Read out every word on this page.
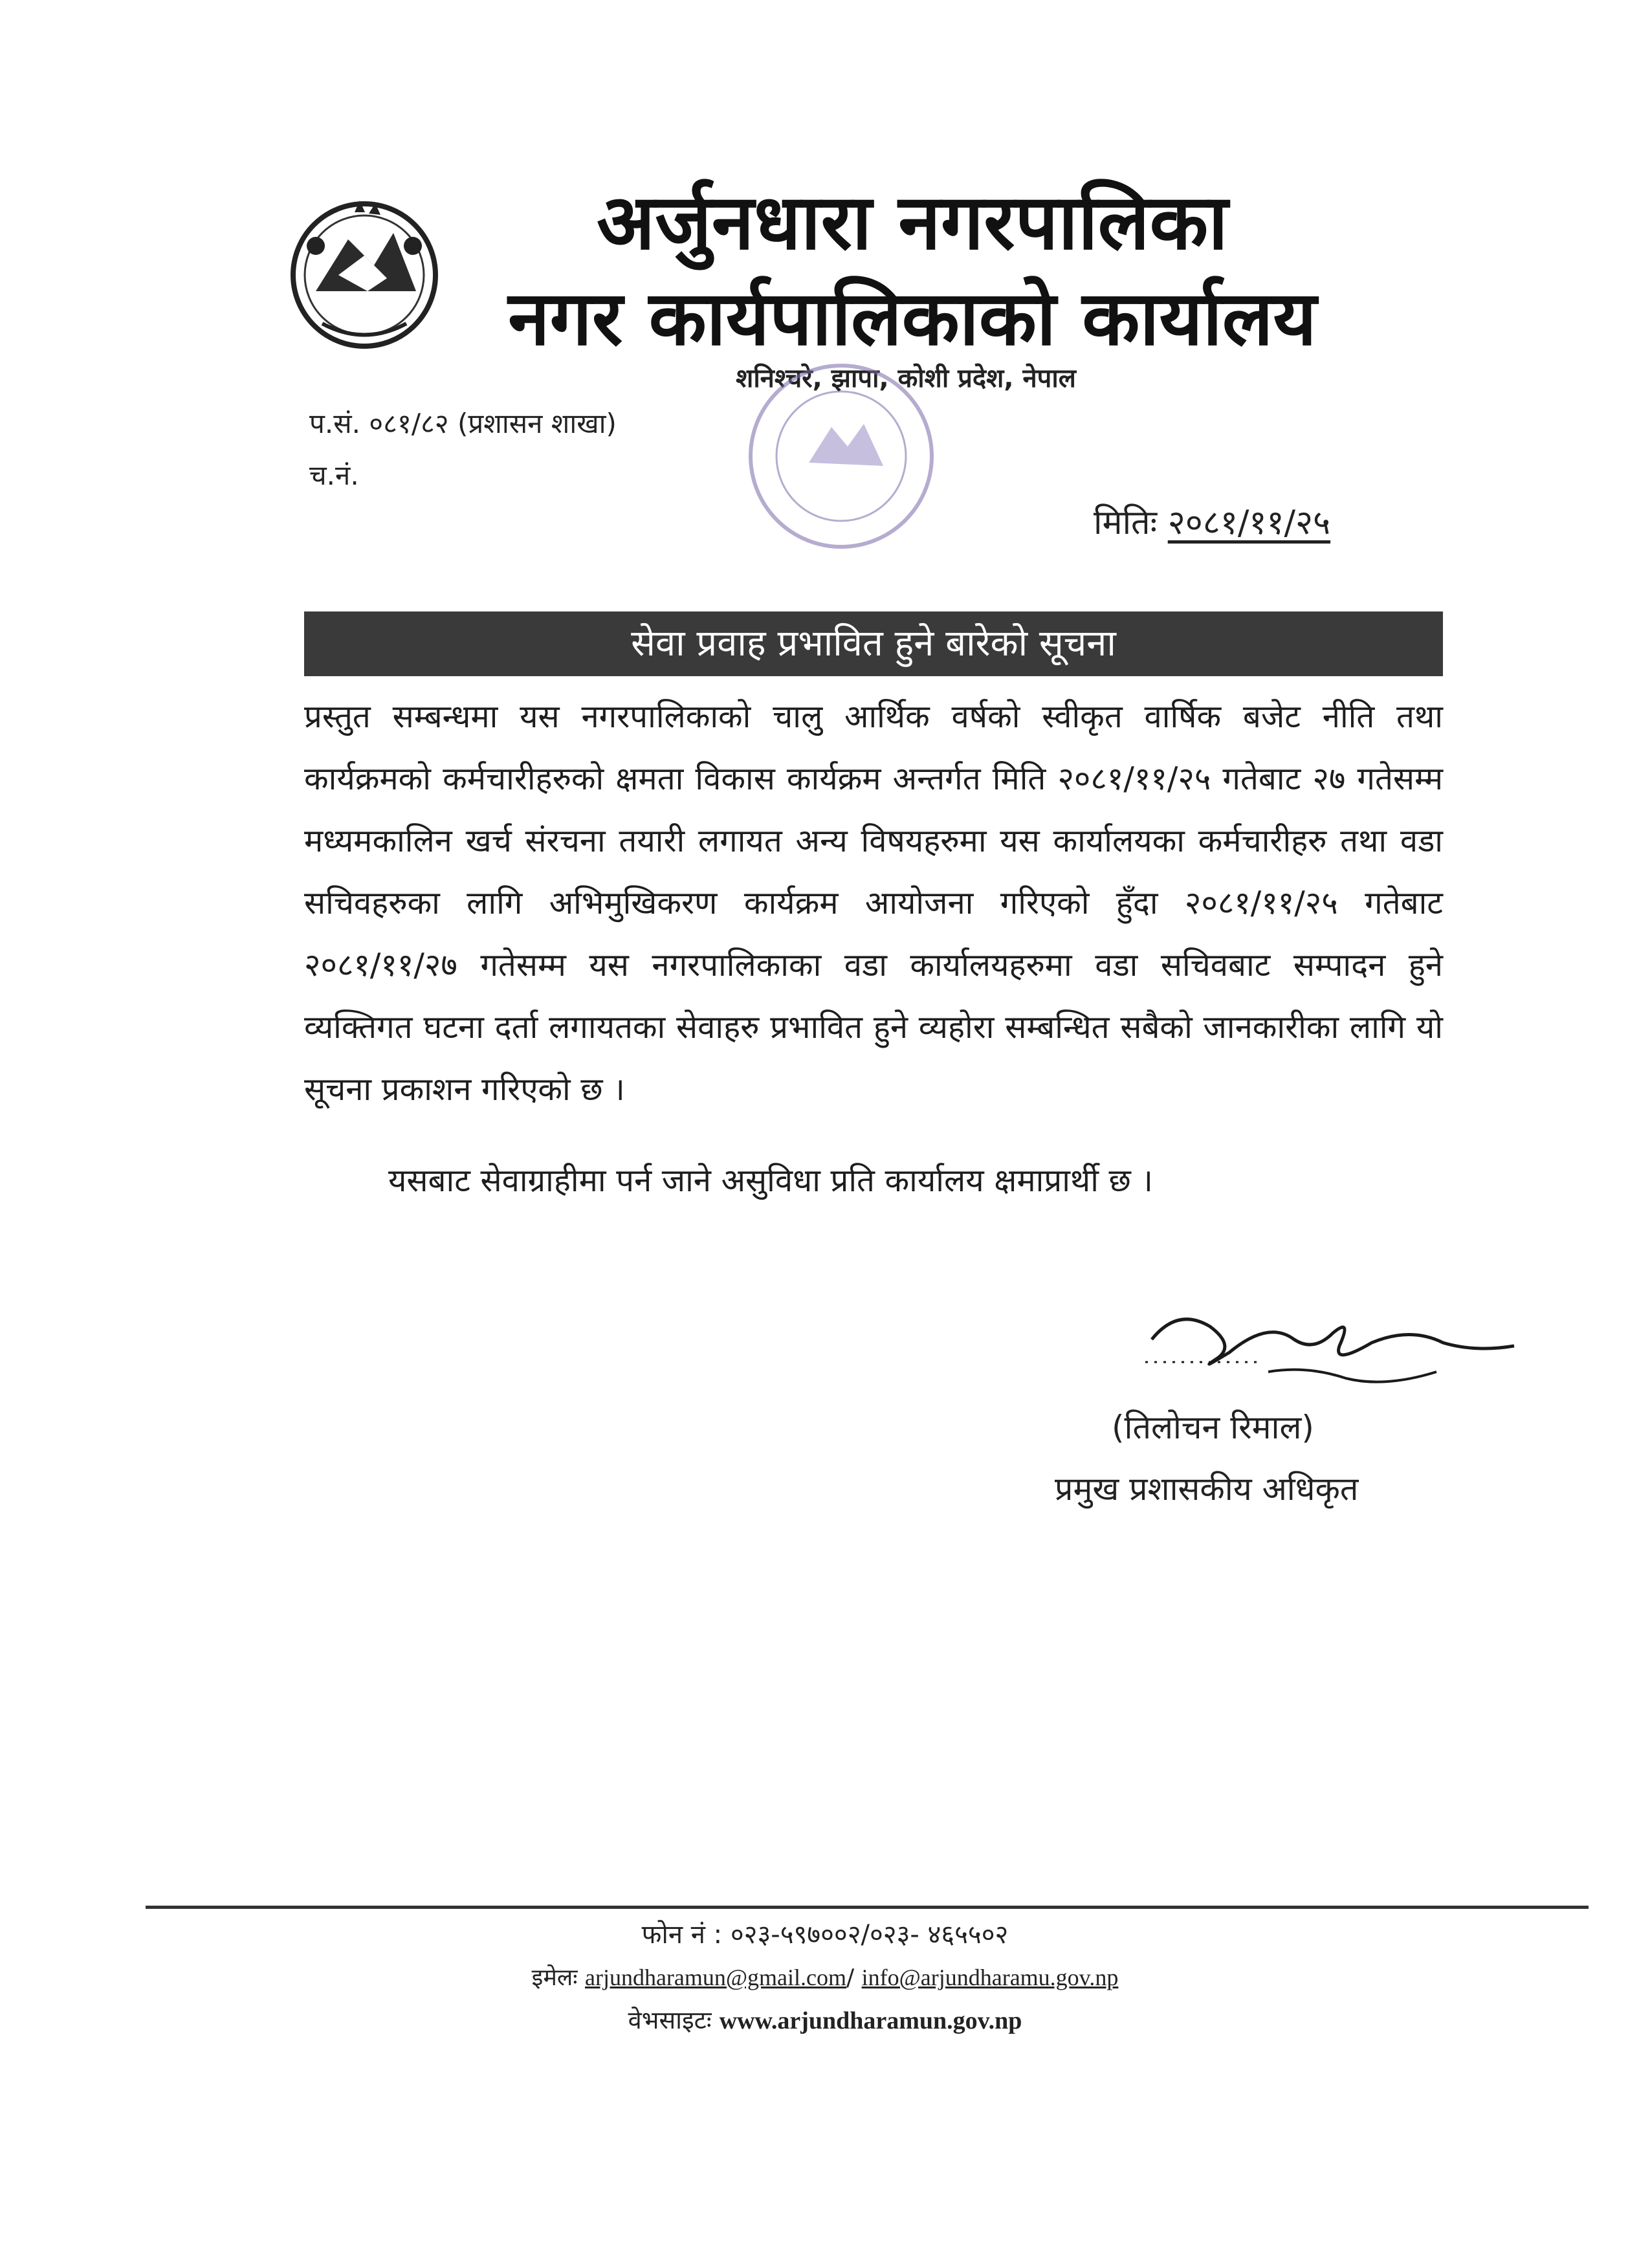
अर्जुनधारा नगरपालिका
नगर कार्यपालिकाको कार्यालय
शनिश्चरे, झापा, कोशी प्रदेश, नेपाल
प.सं. ०८१/८२ (प्रशासन शाखा)
च.नं.
मितिः २०८१/११/२५
सेवा प्रवाह प्रभावित हुने बारेको सूचना

प्रस्तुत सम्बन्धमा यस नगरपालिकाको चालु आर्थिक वर्षको स्वीकृत वार्षिक बजेट नीति तथा कार्यक्रमको कर्मचारीहरुको क्षमता विकास कार्यक्रम अन्तर्गत मिति २०८१/११/२५ गतेबाट २७ गतेसम्म मध्यमकालिन खर्च संरचना तयारी लगायत अन्य विषयहरुमा यस कार्यालयका कर्मचारीहरु तथा वडा सचिवहरुका लागि अभिमुखिकरण कार्यक्रम आयोजना गरिएको हुँदा २०८१/११/२५ गतेबाट २०८१/११/२७ गतेसम्म यस नगरपालिकाका वडा कार्यालयहरुमा वडा सचिवबाट सम्पादन हुने व्यक्तिगत घटना दर्ता लगायतका सेवाहरु प्रभावित हुने व्यहोरा सम्बन्धित सबैको जानकारीका लागि यो सूचना प्रकाशन गरिएको छ ।

यसबाट सेवाग्राहीमा पर्न जाने असुविधा प्रति कार्यालय क्षमाप्रार्थी छ ।
(तिलोचन रिमाल)
प्रमुख प्रशासकीय अधिकृत
फोन नं : ०२३-५९७००२/०२३- ४६५५०२
इमेलः arjundharamun@gmail.com/ info@arjundharamu.gov.np
वेभसाइटः www.arjundharamun.gov.np
